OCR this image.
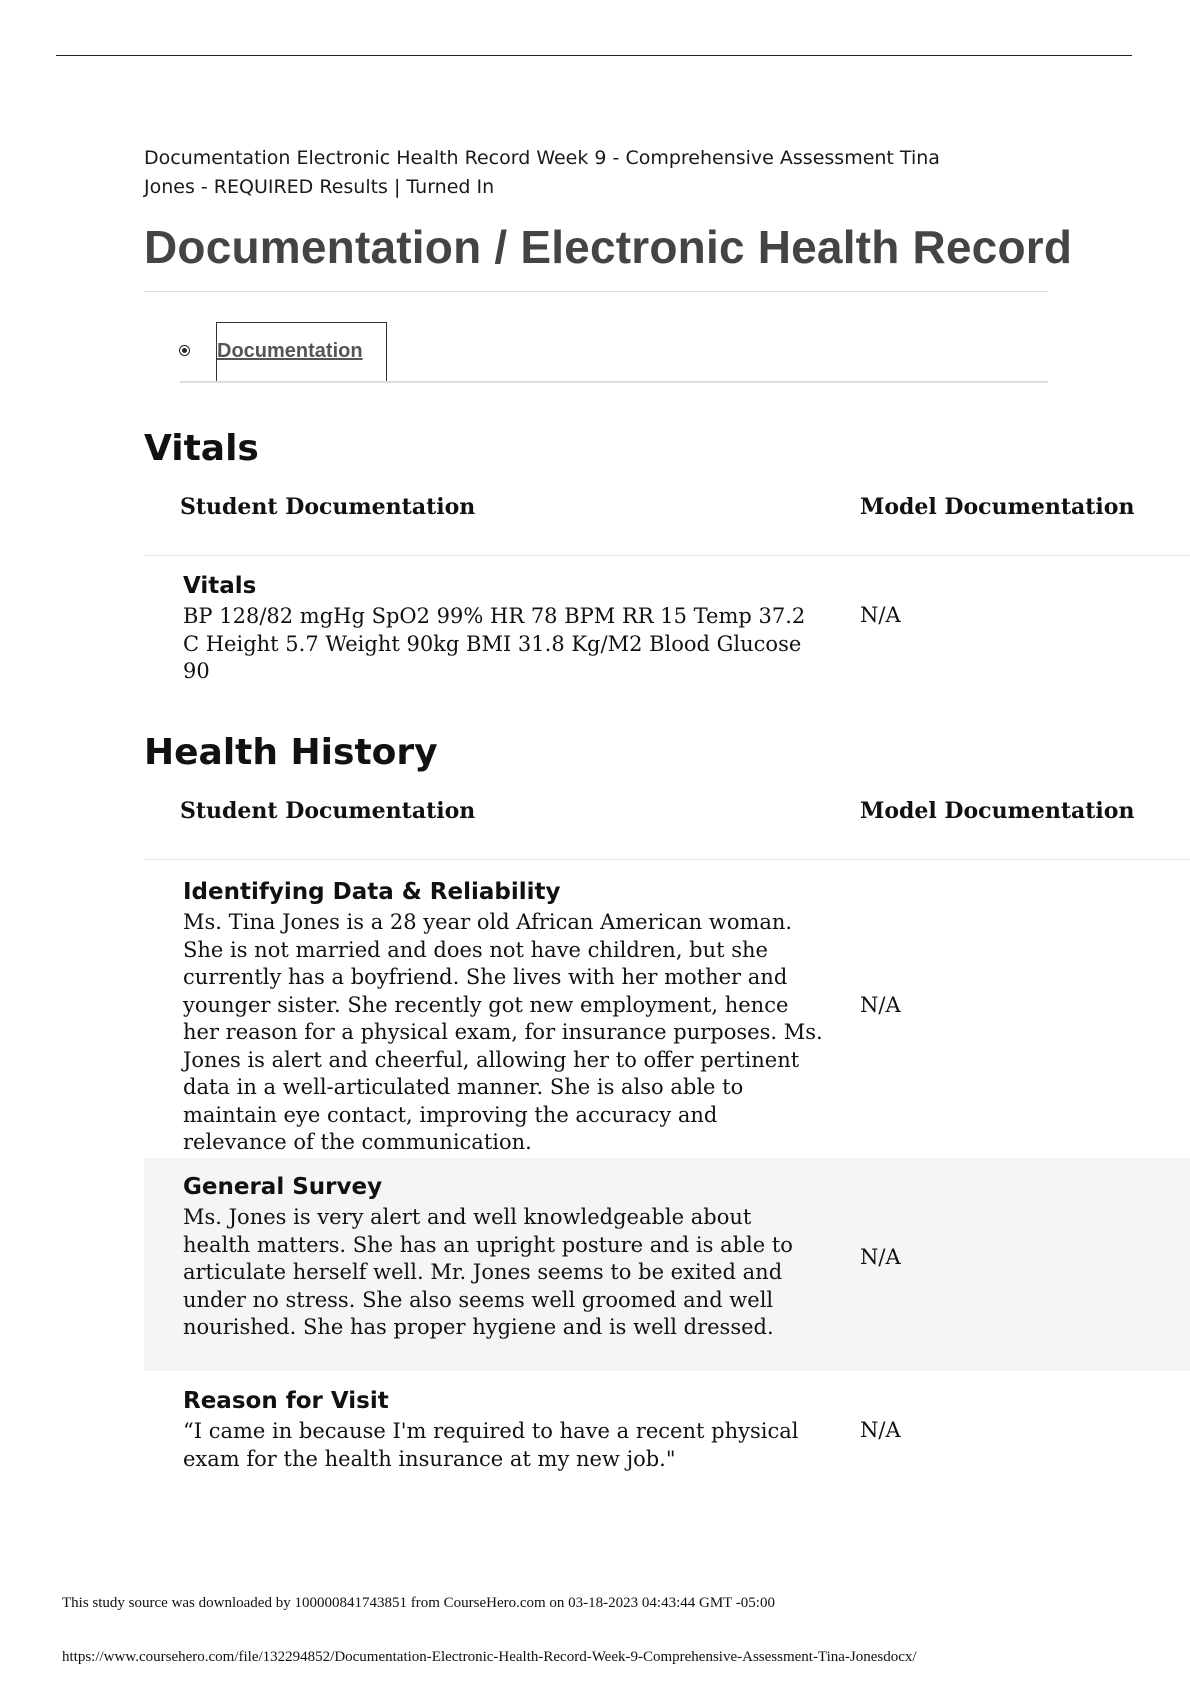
Documentation Electronic Health Record Week 9 - Comprehensive Assessment Tina Jones - REQUIRED Results | Turned In
Documentation / Electronic Health Record
Documentation
Vitals
Student Documentation	Model Documentation
Vitals
BP 128/82 mgHg SpO2 99% HR 78 BPM RR 15 Temp 37.2 C Height 5.7 Weight 90kg BMI 31.8 Kg/M2 Blood Glucose 90
N/A
Health History
Student Documentation	Model Documentation
Identifying Data & Reliability
Ms. Tina Jones is a 28 year old African American woman. She is not married and does not have children, but she currently has a boyfriend. She lives with her mother and younger sister. She recently got new employment, hence her reason for a physical exam, for insurance purposes. Ms. Jones is alert and cheerful, allowing her to offer pertinent data in a well-articulated manner. She is also able to maintain eye contact, improving the accuracy and relevance of the communication.
N/A
General Survey
Ms. Jones is very alert and well knowledgeable about health matters. She has an upright posture and is able to articulate herself well. Mr. Jones seems to be exited and under no stress. She also seems well groomed and well nourished. She has proper hygiene and is well dressed.
N/A
Reason for Visit
“I came in because I'm required to have a recent physical exam for the health insurance at my new job."
N/A
This study source was downloaded by 100000841743851 from CourseHero.com on 03-18-2023 04:43:44 GMT -05:00
https://www.coursehero.com/file/132294852/Documentation-Electronic-Health-Record-Week-9-Comprehensive-Assessment-Tina-Jonesdocx/
